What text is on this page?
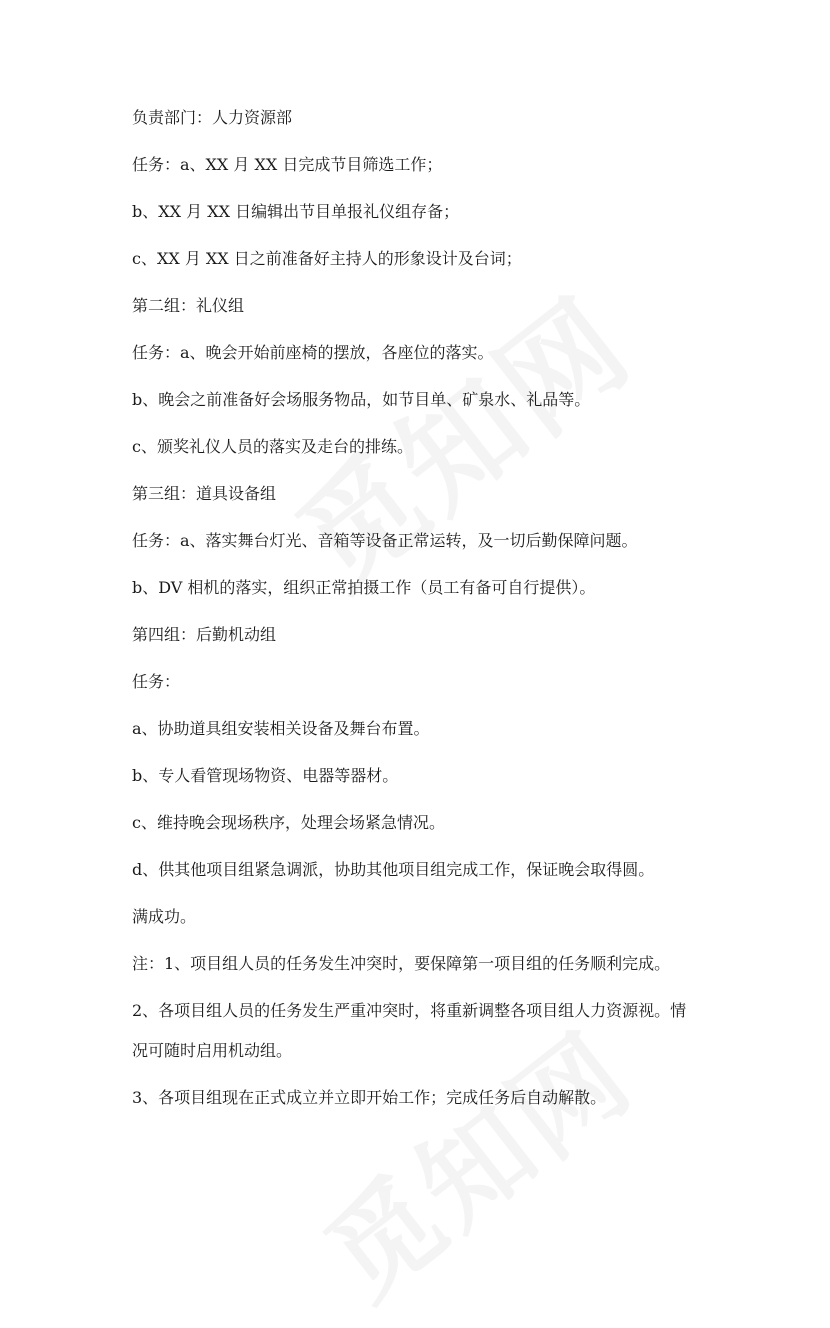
负责部门：人力资源部

任务：a、XX 月 XX 日完成节目筛选工作；

b、XX 月 XX 日编辑出节目单报礼仪组存备；

c、XX 月 XX 日之前准备好主持人的形象设计及台词；

第二组：礼仪组

任务：a、晚会开始前座椅的摆放，各座位的落实。

b、晚会之前准备好会场服务物品，如节目单、矿泉水、礼品等。

c、颁奖礼仪人员的落实及走台的排练。

第三组：道具设备组

任务：a、落实舞台灯光、音箱等设备正常运转，及一切后勤保障问题。

b、DV 相机的落实，组织正常拍摄工作（员工有备可自行提供）。

第四组：后勤机动组

任务：

a、协助道具组安装相关设备及舞台布置。

b、专人看管现场物资、电器等器材。

c、维持晚会现场秩序，处理会场紧急情况。

d、供其他项目组紧急调派，协助其他项目组完成工作，保证晚会取得圆。

满成功。

注：1、项目组人员的任务发生冲突时，要保障第一项目组的任务顺利完成。

2、各项目组人员的任务发生严重冲突时，将重新调整各项目组人力资源视。情

况可随时启用机动组。

3、各项目组现在正式成立并立即开始工作；完成任务后自动解散。
